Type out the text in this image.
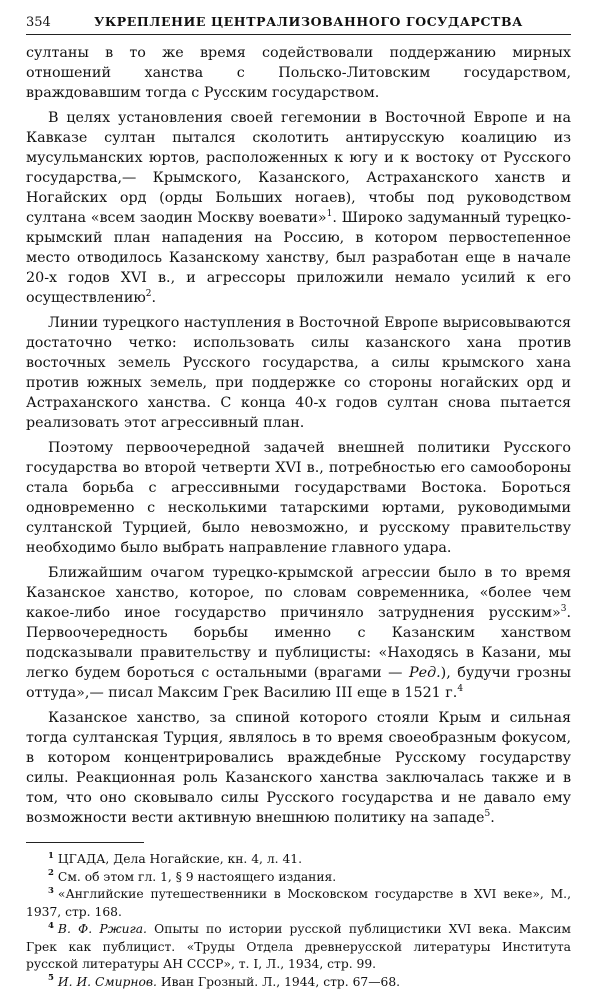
354	УКРЕПЛЕНИЕ ЦЕНТРАЛИЗОВАННОГО ГОСУДАРСТВА

султаны в то же время содействовали поддержанию мирных отношений ханства с Польско-Литовским государством, враждовавшим тогда с Русским государством.

В целях установления своей гегемонии в Восточной Европе и на Кавказе султан пытался сколотить антирусскую коалицию из мусульманских юртов, расположенных к югу и к востоку от Русского государства,— Крымского, Казанского, Астраханского ханств и Ногайских орд (орды Больших ногаев), чтобы под руководством султана «всем заодин Москву воевати»$^1$. Широко задуманный турецко-крымский план нападения на Россию, в котором первостепенное место отводилось Казанскому ханству, был разработан еще в начале 20-х годов XVI в., и агрессоры приложили немало усилий к его осуществлению$^2$.

Линии турецкого наступления в Восточной Европе вырисовываются достаточно четко: использовать силы казанского хана против восточных земель Русского государства, а силы крымского хана против южных земель, при поддержке со стороны ногайских орд и Астраханского ханства. С конца 40-х годов султан снова пытается реализовать этот агрессивный план.

Поэтому первоочередной задачей внешней политики Русского государства во второй четверти XVI в., потребностью его самообороны стала борьба с агрессивными государствами Востока. Бороться одновременно с несколькими татарскими юртами, руководимыми султанской Турцией, было невозможно, и русскому правительству необходимо было выбрать направление главного удара.

Ближайшим очагом турецко-крымской агрессии было в то время Казанское ханство, которое, по словам современника, «более чем какое-либо иное государство причиняло затруднения русским»$^3$. Первоочередность борьбы именно с Казанским ханством подсказывали правительству и публицисты: «Находясь в Казани, мы легко будем бороться с остальными (врагами — Ред.), будучи грозны оттуда»,— писал Максим Грек Василию III еще в 1521 г.$^4$

Казанское ханство, за спиной которого стояли Крым и сильная тогда султанская Турция, являлось в то время своеобразным фокусом, в котором концентрировались враждебные Русскому государству силы. Реакционная роль Казанского ханства заключалась также и в том, что оно сковывало силы Русского государства и не давало ему возможности вести активную внешнюю политику на западе$^5$.

$^1$ ЦГАДА, Дела Ногайские, кн. 4, л. 41.

$^2$ См. об этом гл. 1, § 9 настоящего издания.

$^3$ «Английские путешественники в Московском государстве в XVI веке», М., 1937, стр. 168.

$^4$ В. Ф. Ржига. Опыты по истории русской публицистики XVI века. Максим Грек как публицист. «Труды Отдела древнерусской литературы Института русской литературы АН СССР», т. I, Л., 1934, стр. 99.

$^5$ И. И. Смирнов. Иван Грозный. Л., 1944, стр. 67—68.
